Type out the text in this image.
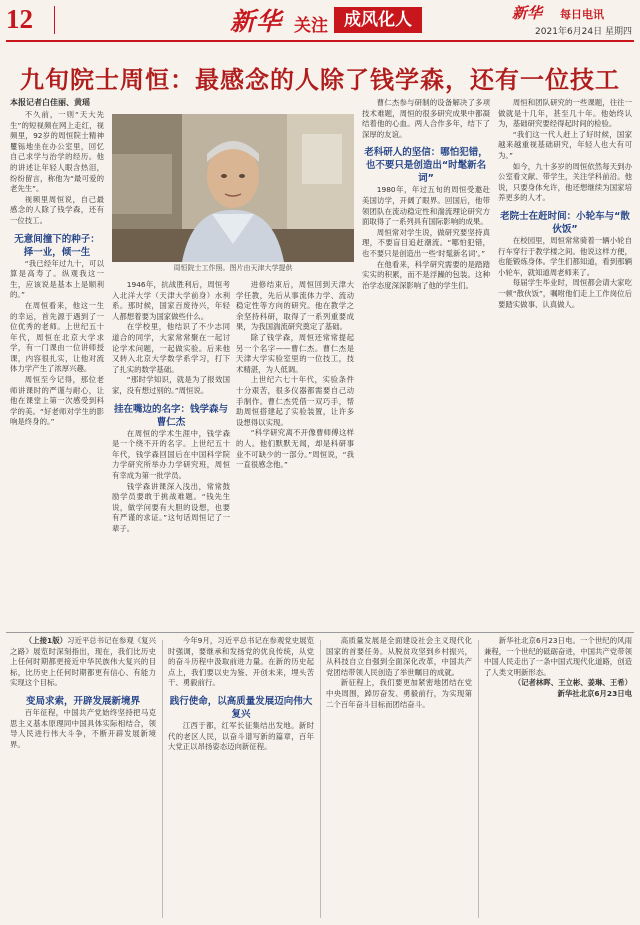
12	新华 关注 成风化人	新华 每日电讯
2021年6月24日 星期四
九旬院士周恒：最感念的人除了钱学森，还有一位技工
本报记者白佳丽、黄瑶

不久前，一则“天大先生”的短视频在网上走红，视频里，92岁的周恒院士精神矍铄地坐在办公室里，回忆自己求学与治学的经历。他的讲述让年轻人眼含热泪，纷纷留言，称他为“最可爱的老先生”。

视频里周恒说，自己最感念的人除了钱学森，还有一位技工。

无意间撞下的种子：择一业，倾一生

“我已经年过九十，可以算是高寿了。纵观我这一生，应该说是基本上是顺利的。”

在周恒看来，他这一生的幸运，首先源于遇到了一位优秀的老师。上世纪五十年代，周恒在北京大学求学，有一门课由一位讲师授课，内容很扎实，让他对流体力学产生了浓厚兴趣。

周恒至今记得，那位老师讲课时的严谨与耐心，让他在课堂上第一次感受到科学的美。“好老师对学生的影响是终身的。”

周恒院士工作照。图片由天津大学提供

1946年，抗战胜利后，周恒考入北洋大学（天津大学前身）水利系。那时候，国家百废待兴，年轻人都想着要为国家做些什么。

在学校里，他结识了不少志同道合的同学，大家常常聚在一起讨论学术问题，一起做实验。后来他又转入北京大学数学系学习，打下了扎实的数学基础。

“那时学知识，就是为了报效国家，没有想过别的。”周恒说。

挂在嘴边的名字：钱学森与曹仁杰

在周恒的学术生涯中，钱学森是一个绕不开的名字。上世纪五十年代，钱学森回国后在中国科学院力学研究所举办力学研究班，周恒有幸成为第一批学员。

钱学森讲课深入浅出，常常鼓励学员要敢于挑战难题。“钱先生说，做学问要有大胆的设想，也要有严谨的求证。”这句话周恒记了一辈子。

进修结束后，周恒回到天津大学任教，先后从事流体力学、流动稳定性等方向的研究。他在教学之余坚持科研，取得了一系列重要成果，为我国湍流研究奠定了基础。

除了钱学森，周恒还常常提起另一个名字——曹仁杰。曹仁杰是天津大学实验室里的一位技工，技术精湛，为人低调。

上世纪六七十年代，实验条件十分艰苦，很多仪器都需要自己动手制作。曹仁杰凭借一双巧手，帮助周恒搭建起了实验装置，让许多设想得以实现。

“科学研究离不开像曹师傅这样的人。他们默默无闻，却是科研事业不可缺少的一部分。”周恒说，“我一直很感念他。”

曹仁杰参与研制的设备解决了多项技术难题，周恒的很多研究成果中都凝结着他的心血。两人合作多年，结下了深厚的友谊。

老科研人的坚信：哪怕犯错，也不要只是创造出“时髦新名词”

1980年，年过五旬的周恒受邀赴美国访学，开阔了眼界。回国后，他带领团队在流动稳定性和湍流理论研究方面取得了一系列具有国际影响的成果。

周恒常对学生说，做研究要坚持真理，不要盲目追赶潮流。“哪怕犯错，也不要只是创造出一些‘时髦新名词’。”

在他看来，科学研究需要的是踏踏实实的积累，而不是浮躁的包装。这种治学态度深深影响了他的学生们。

周恒和团队研究的一些课题，往往一做就是十几年，甚至几十年。他始终认为，基础研究要经得起时间的检验。

“我们这一代人赶上了好时候，国家越来越重视基础研究，年轻人也大有可为。”

如今，九十多岁的周恒依然每天到办公室看文献、带学生，关注学科前沿。他说，只要身体允许，他还想继续为国家培养更多的人才。

老院士在赶时间：小轮车与“散伙饭”

在校园里，周恒常常骑着一辆小轮自行车穿行于教学楼之间。他说这样方便，也能锻炼身体。学生们都知道，看到那辆小轮车，就知道周老师来了。

每届学生毕业时，周恒都会请大家吃一顿“散伙饭”，嘱咐他们走上工作岗位后要踏实做事、认真做人。

（上接1版）习近平总书记在参观《复兴之路》展览时深刻指出，现在，我们比历史上任何时期都更接近中华民族伟大复兴的目标，比历史上任何时期都更有信心、有能力实现这个目标。

变局求索，开辟发展新境界

百年征程，中国共产党始终坚持把马克思主义基本原理同中国具体实际相结合，领导人民进行伟大斗争，不断开辟发展新境界。

今年9月，习近平总书记在参观党史展览时强调，要继承和发扬党的优良传统，从党的奋斗历程中汲取前进力量。在新的历史起点上，我们要以史为鉴、开创未来，埋头苦干、勇毅前行。

践行使命，以高质量发展迈向伟大复兴

江西于都，红军长征集结出发地。新时代的老区人民，以奋斗谱写新的篇章，百年大党正以昂扬姿态迈向新征程。

高质量发展是全面建设社会主义现代化国家的首要任务。从脱贫攻坚到乡村振兴，从科技自立自强到全面深化改革，中国共产党团结带领人民创造了举世瞩目的成就。

新征程上，我们要更加紧密地团结在党中央周围，踔厉奋发、勇毅前行，为实现第二个百年奋斗目标而团结奋斗。

新华社北京6月23日电。一个世纪的风雨兼程，一个世纪的砥砺奋进，中国共产党带领中国人民走出了一条中国式现代化道路，创造了人类文明新形态。

（记者林晖、王立彬、姜琳、王希）

新华社北京6月23日电
